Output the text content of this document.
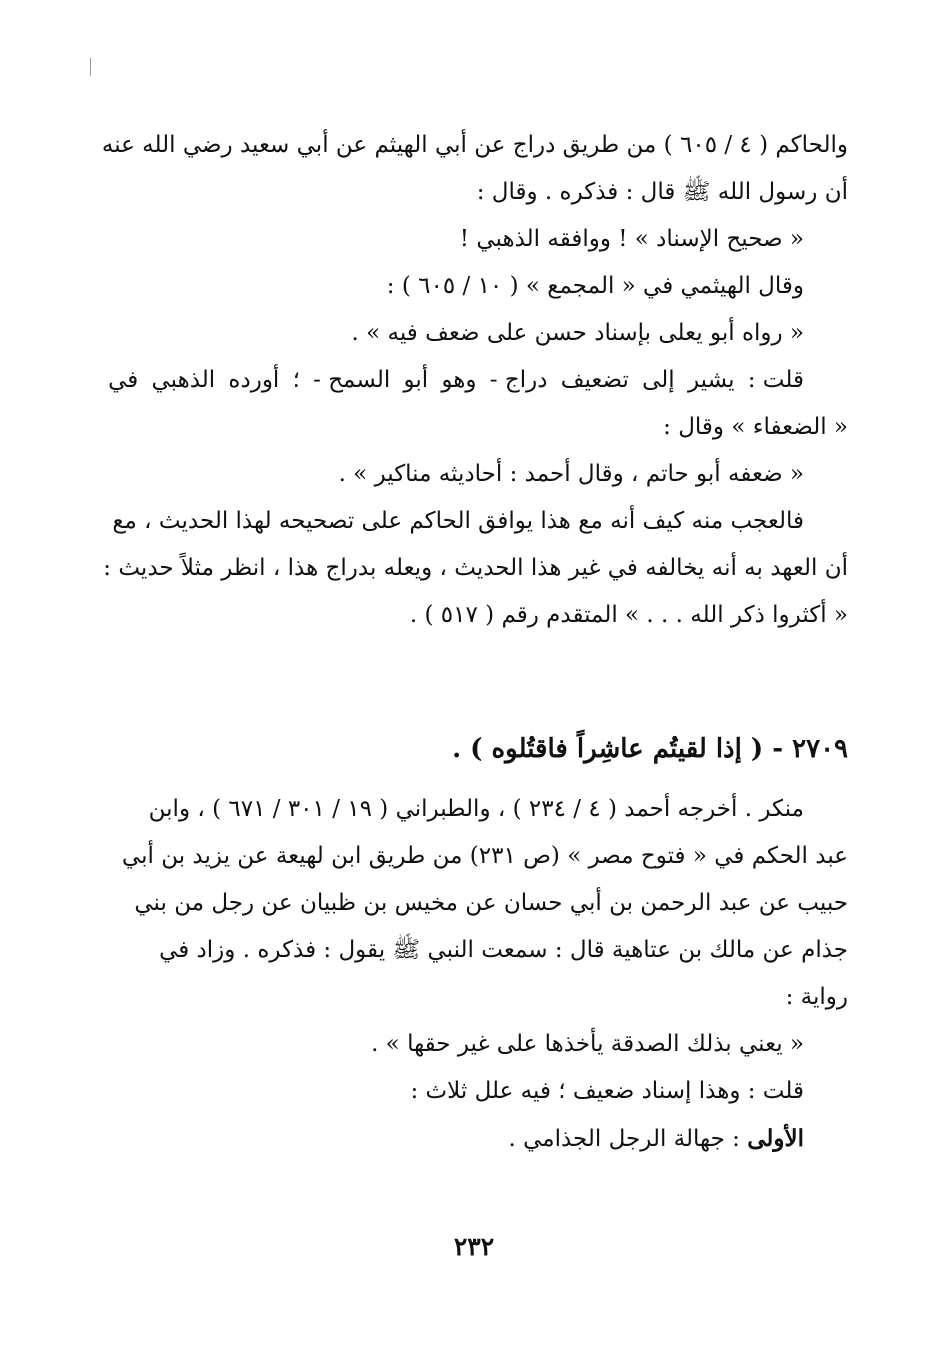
والحاكم ( ٤ / ٦٠٥ ) من طريق دراج عن أبي الهيثم عن أبي سعيد رضي الله عنه
أن رسول الله ﷺ قال : فذكره . وقال :
« صحيح الإسناد » ! ووافقه الذهبي !
وقال الهيثمي في « المجمع » ( ١٠ / ٦٠٥ ) :
« رواه أبو يعلى بإسناد حسن على ضعف فيه » .
قلت :
يشير
إلى
تضعيف
دراج -
وهو
أبو
السمح -
؛
أورده
الذهبي
في
« الضعفاء » وقال :
« ضعفه أبو حاتم ، وقال أحمد : أحاديثه مناكير » .
فالعجب منه كيف أنه مع هذا يوافق الحاكم على تصحيحه لهذا الحديث ، مع
أن العهد به أنه يخالفه في غير هذا الحديث ، ويعله بدراج هذا ، انظر مثلاً حديث :
« أكثروا ذكر الله . . . » المتقدم رقم ( ٥١٧ ) .
٢٧٠٩ - ( إذا لقيتُم عاشِراً فاقتُلوه ) .
منكر . أخرجه أحمد ( ٤ / ٢٣٤ ) ، والطبراني ( ١٩ / ٣٠١ / ٦٧١ ) ، وابن
عبد الحكم في « فتوح مصر » (ص ٢٣١) من طريق ابن لهيعة عن يزيد بن أبي
حبيب عن عبد الرحمن بن أبي حسان عن مخيس بن ظبيان عن رجل من بني
جذام عن مالك بن عتاهية قال : سمعت النبي ﷺ يقول : فذكره . وزاد في
رواية :
« يعني بذلك الصدقة يأخذها على غير حقها » .
قلت : وهذا إسناد ضعيف ؛ فيه علل ثلاث :
الأولى : جهالة الرجل الجذامي .
٢٣٢
